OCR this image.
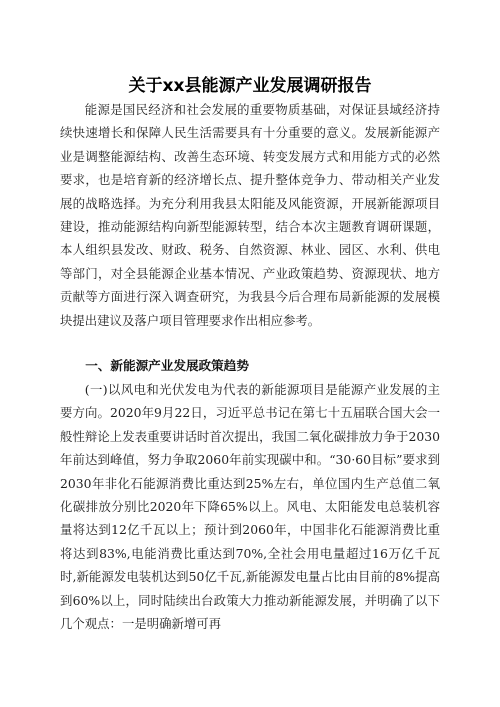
关于xx县能源产业发展调研报告

能源是国民经济和社会发展的重要物质基础，对保证县域经济持续快速增长和保障人民生活需要具有十分重要的意义。发展新能源产业是调整能源结构、改善生态环境、转变发展方式和用能方式的必然要求，也是培育新的经济增长点、提升整体竞争力、带动相关产业发展的战略选择。为充分利用我县太阳能及风能资源，开展新能源项目建设，推动能源结构向新型能源转型，结合本次主题教育调研课题，本人组织县发改、财政、税务、自然资源、林业、园区、水利、供电等部门，对全县能源企业基本情况、产业政策趋势、资源现状、地方贡献等方面进行深入调查研究，为我县今后合理布局新能源的发展模块提出建议及落户项目管理要求作出相应参考。

一、新能源产业发展政策趋势

(一)以风电和光伏发电为代表的新能源项目是能源产业发展的主要方向。2020年9月22日，习近平总书记在第七十五届联合国大会一般性辩论上发表重要讲话时首次提出，我国二氧化碳排放力争于2030年前达到峰值，努力争取2060年前实现碳中和。“30·60目标”要求到2030年非化石能源消费比重达到25%左右，单位国内生产总值二氧化碳排放分别比2020年下降65%以上。风电、太阳能发电总装机容量将达到12亿千瓦以上；预计到2060年，中国非化石能源消费比重将达到83%,电能消费比重达到70%,全社会用电量超过16万亿千瓦时,新能源发电装机达到50亿千瓦,新能源发电量占比由目前的8%提高到60%以上，同时陆续出台政策大力推动新能源发展，并明确了以下几个观点：一是明确新增可再
